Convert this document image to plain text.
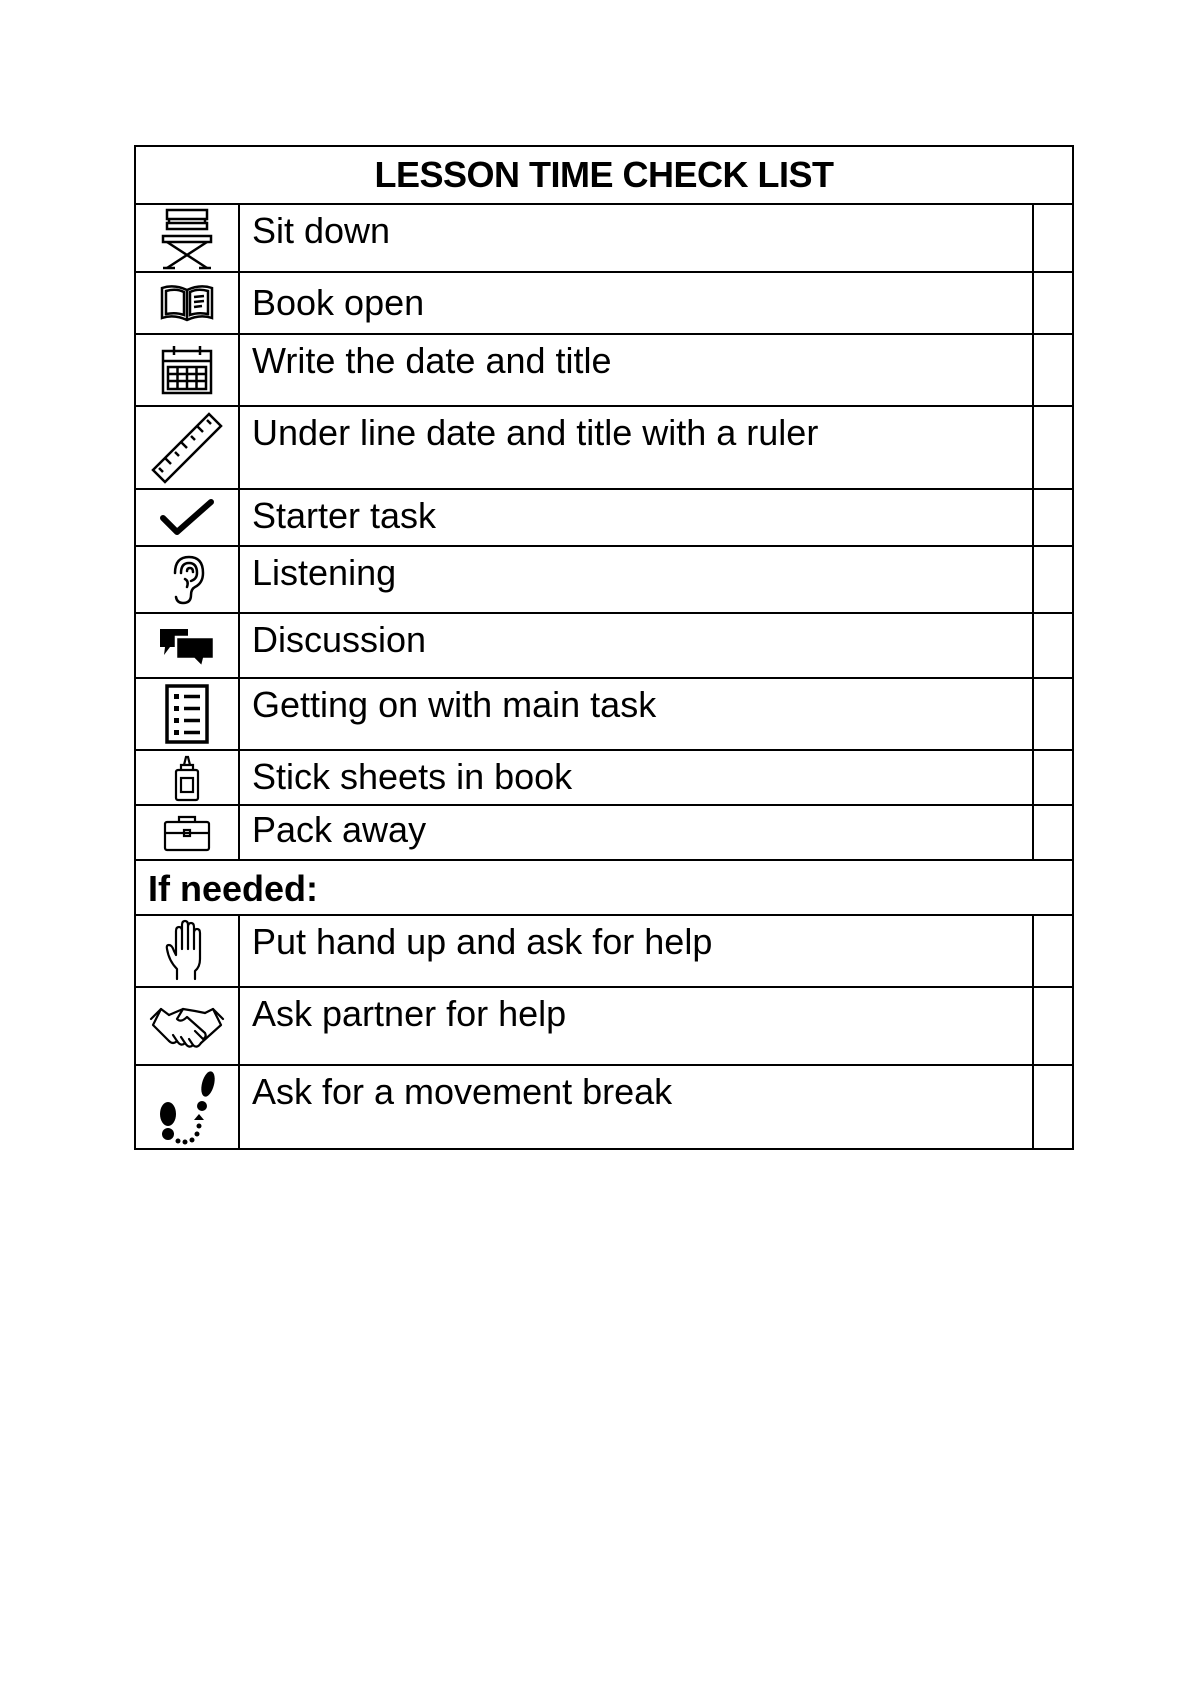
LESSON TIME CHECK LIST
Sit down
Book open
Write the date and title
Under line date and title with a ruler
Starter task
Listening
Discussion
Getting on with main task
Stick sheets in book
Pack away
If needed:
Put hand up and ask for help
Ask partner for help
Ask for a movement break
